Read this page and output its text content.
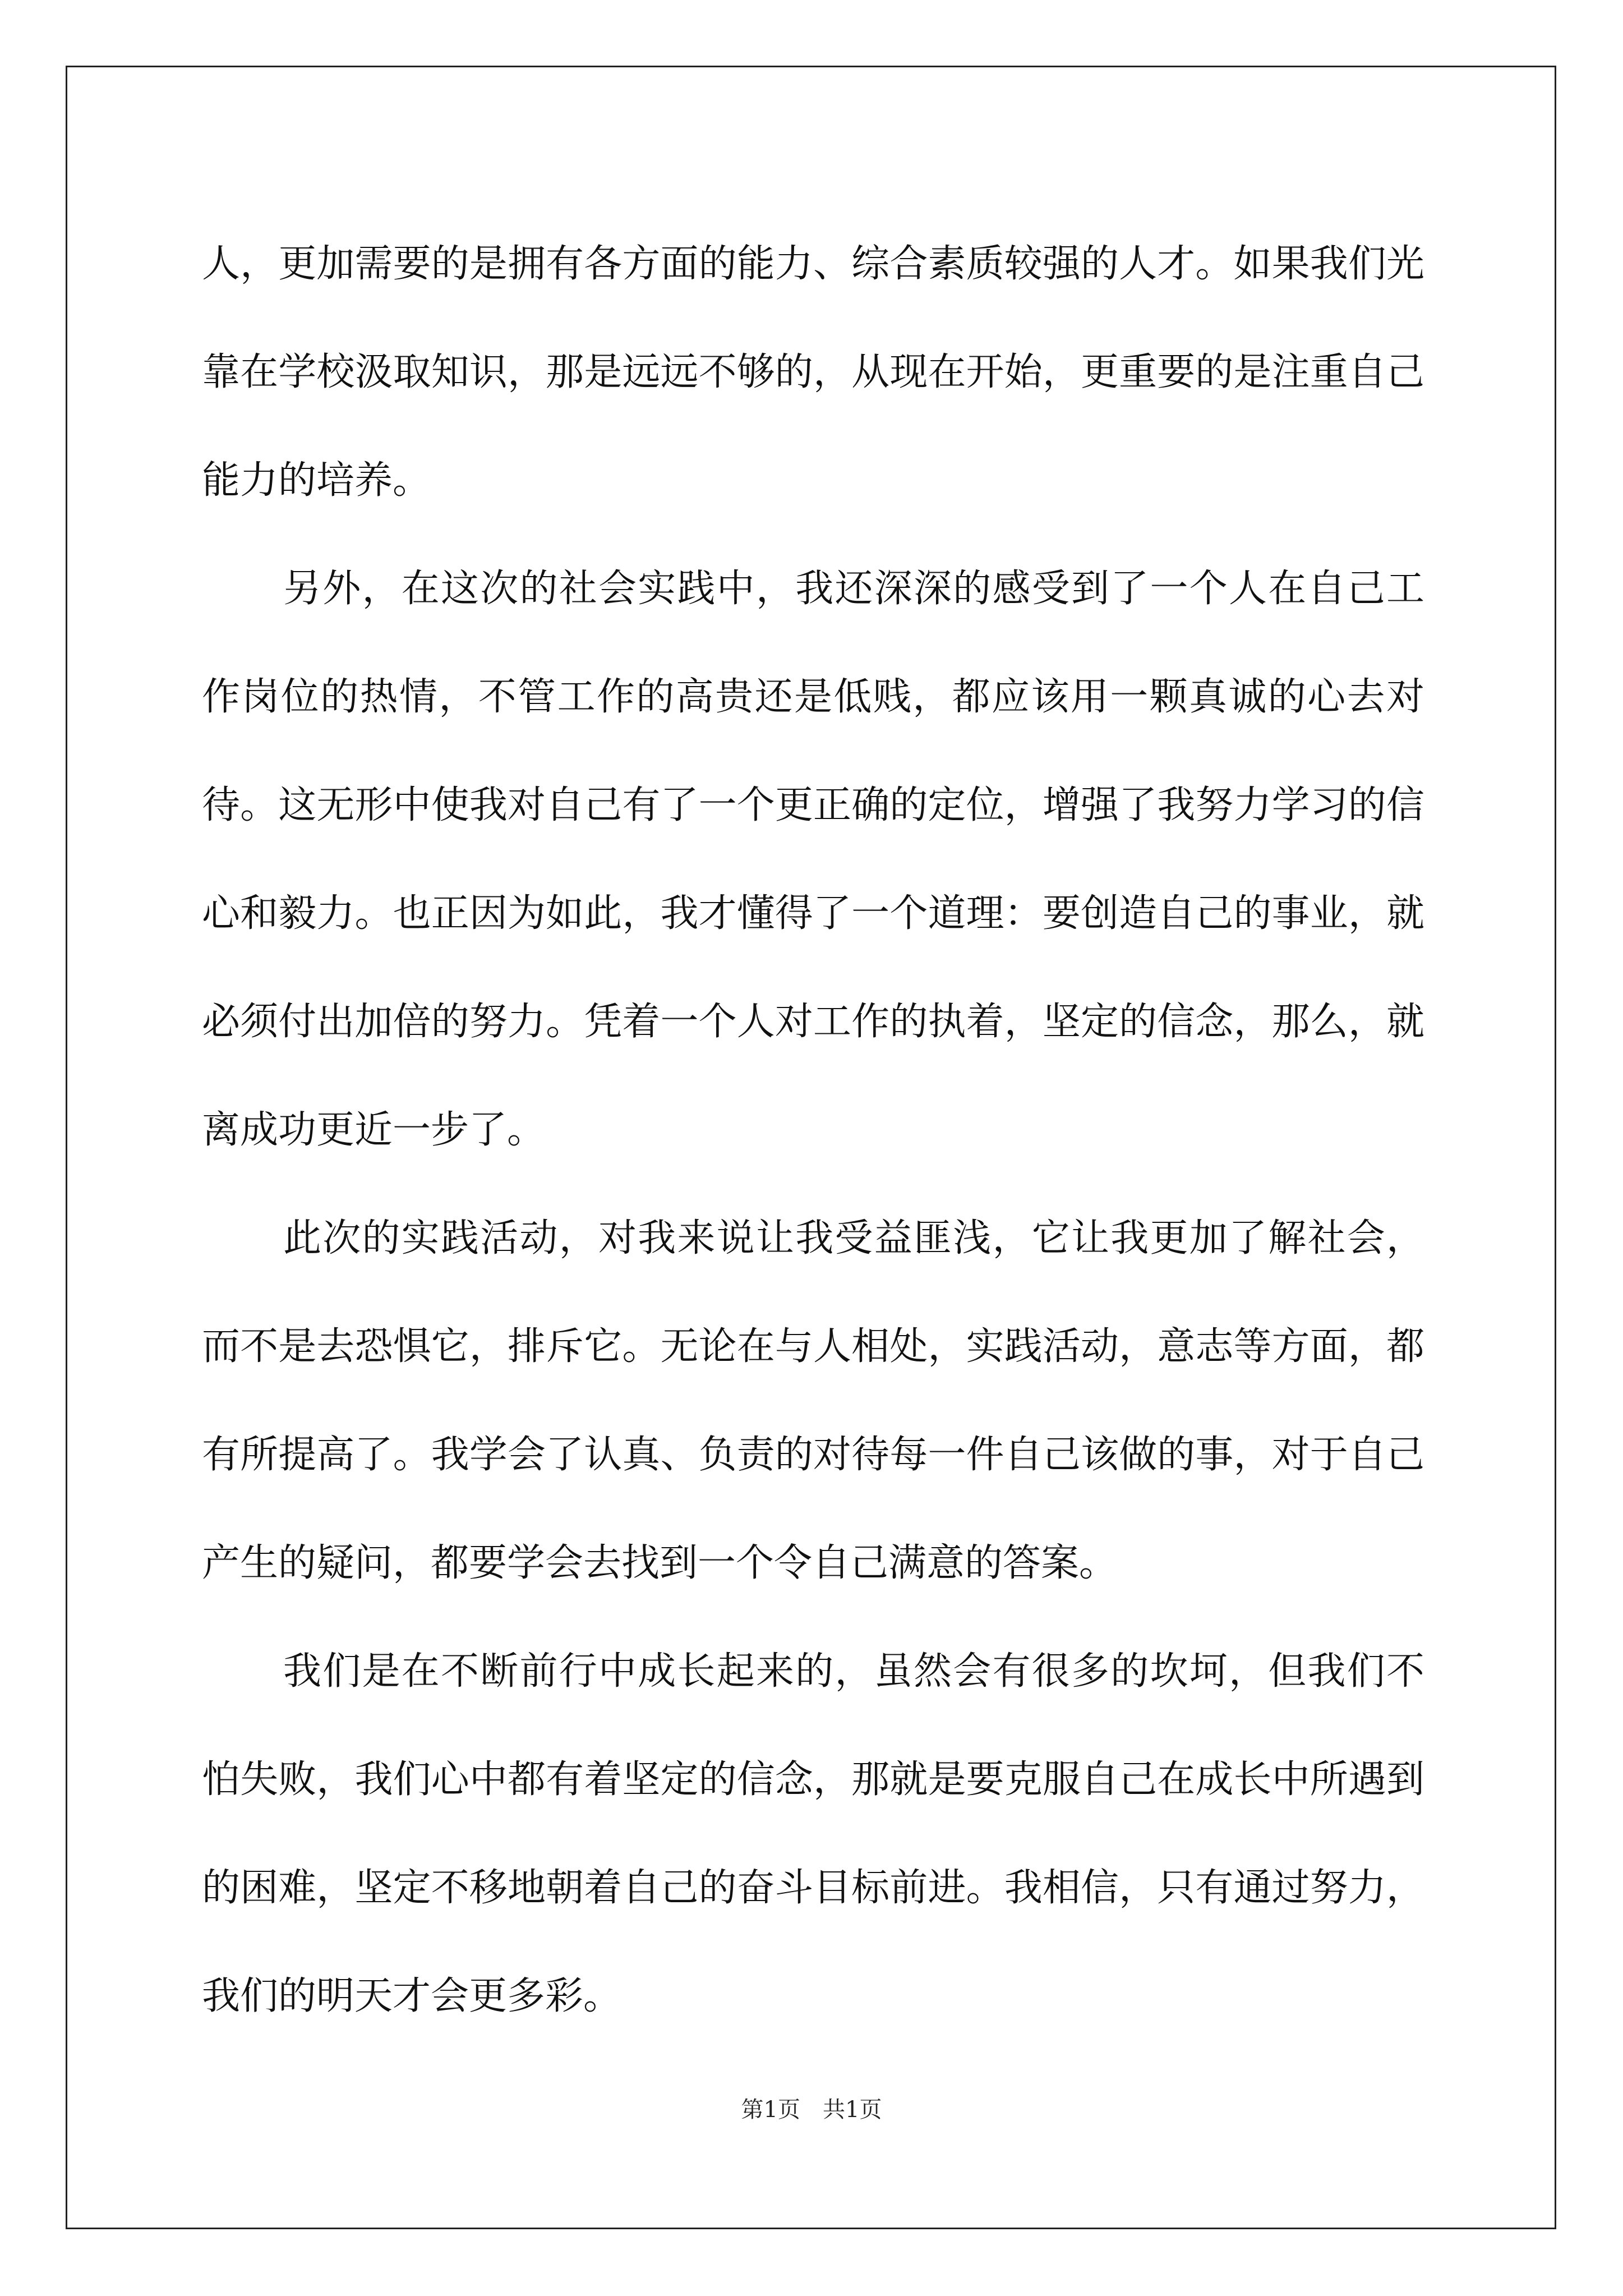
人，更加需要的是拥有各方面的能力、综合素质较强的人才。如果我们光靠在学校汲取知识，那是远远不够的，从现在开始，更重要的是注重自己能力的培养。

另外，在这次的社会实践中，我还深深的感受到了一个人在自己工作岗位的热情，不管工作的高贵还是低贱，都应该用一颗真诚的心去对待。这无形中使我对自己有了一个更正确的定位，增强了我努力学习的信心和毅力。也正因为如此，我才懂得了一个道理：要创造自己的事业，就必须付出加倍的努力。凭着一个人对工作的执着，坚定的信念，那么，就离成功更近一步了。

此次的实践活动，对我来说让我受益匪浅，它让我更加了解社会，而不是去恐惧它，排斥它。无论在与人相处，实践活动，意志等方面，都有所提高了。我学会了认真、负责的对待每一件自己该做的事，对于自己产生的疑问，都要学会去找到一个令自己满意的答案。

我们是在不断前行中成长起来的，虽然会有很多的坎坷，但我们不怕失败，我们心中都有着坚定的信念，那就是要克服自己在成长中所遇到的困难，坚定不移地朝着自己的奋斗目标前进。我相信，只有通过努力，我们的明天才会更多彩。

第1页　共1页
